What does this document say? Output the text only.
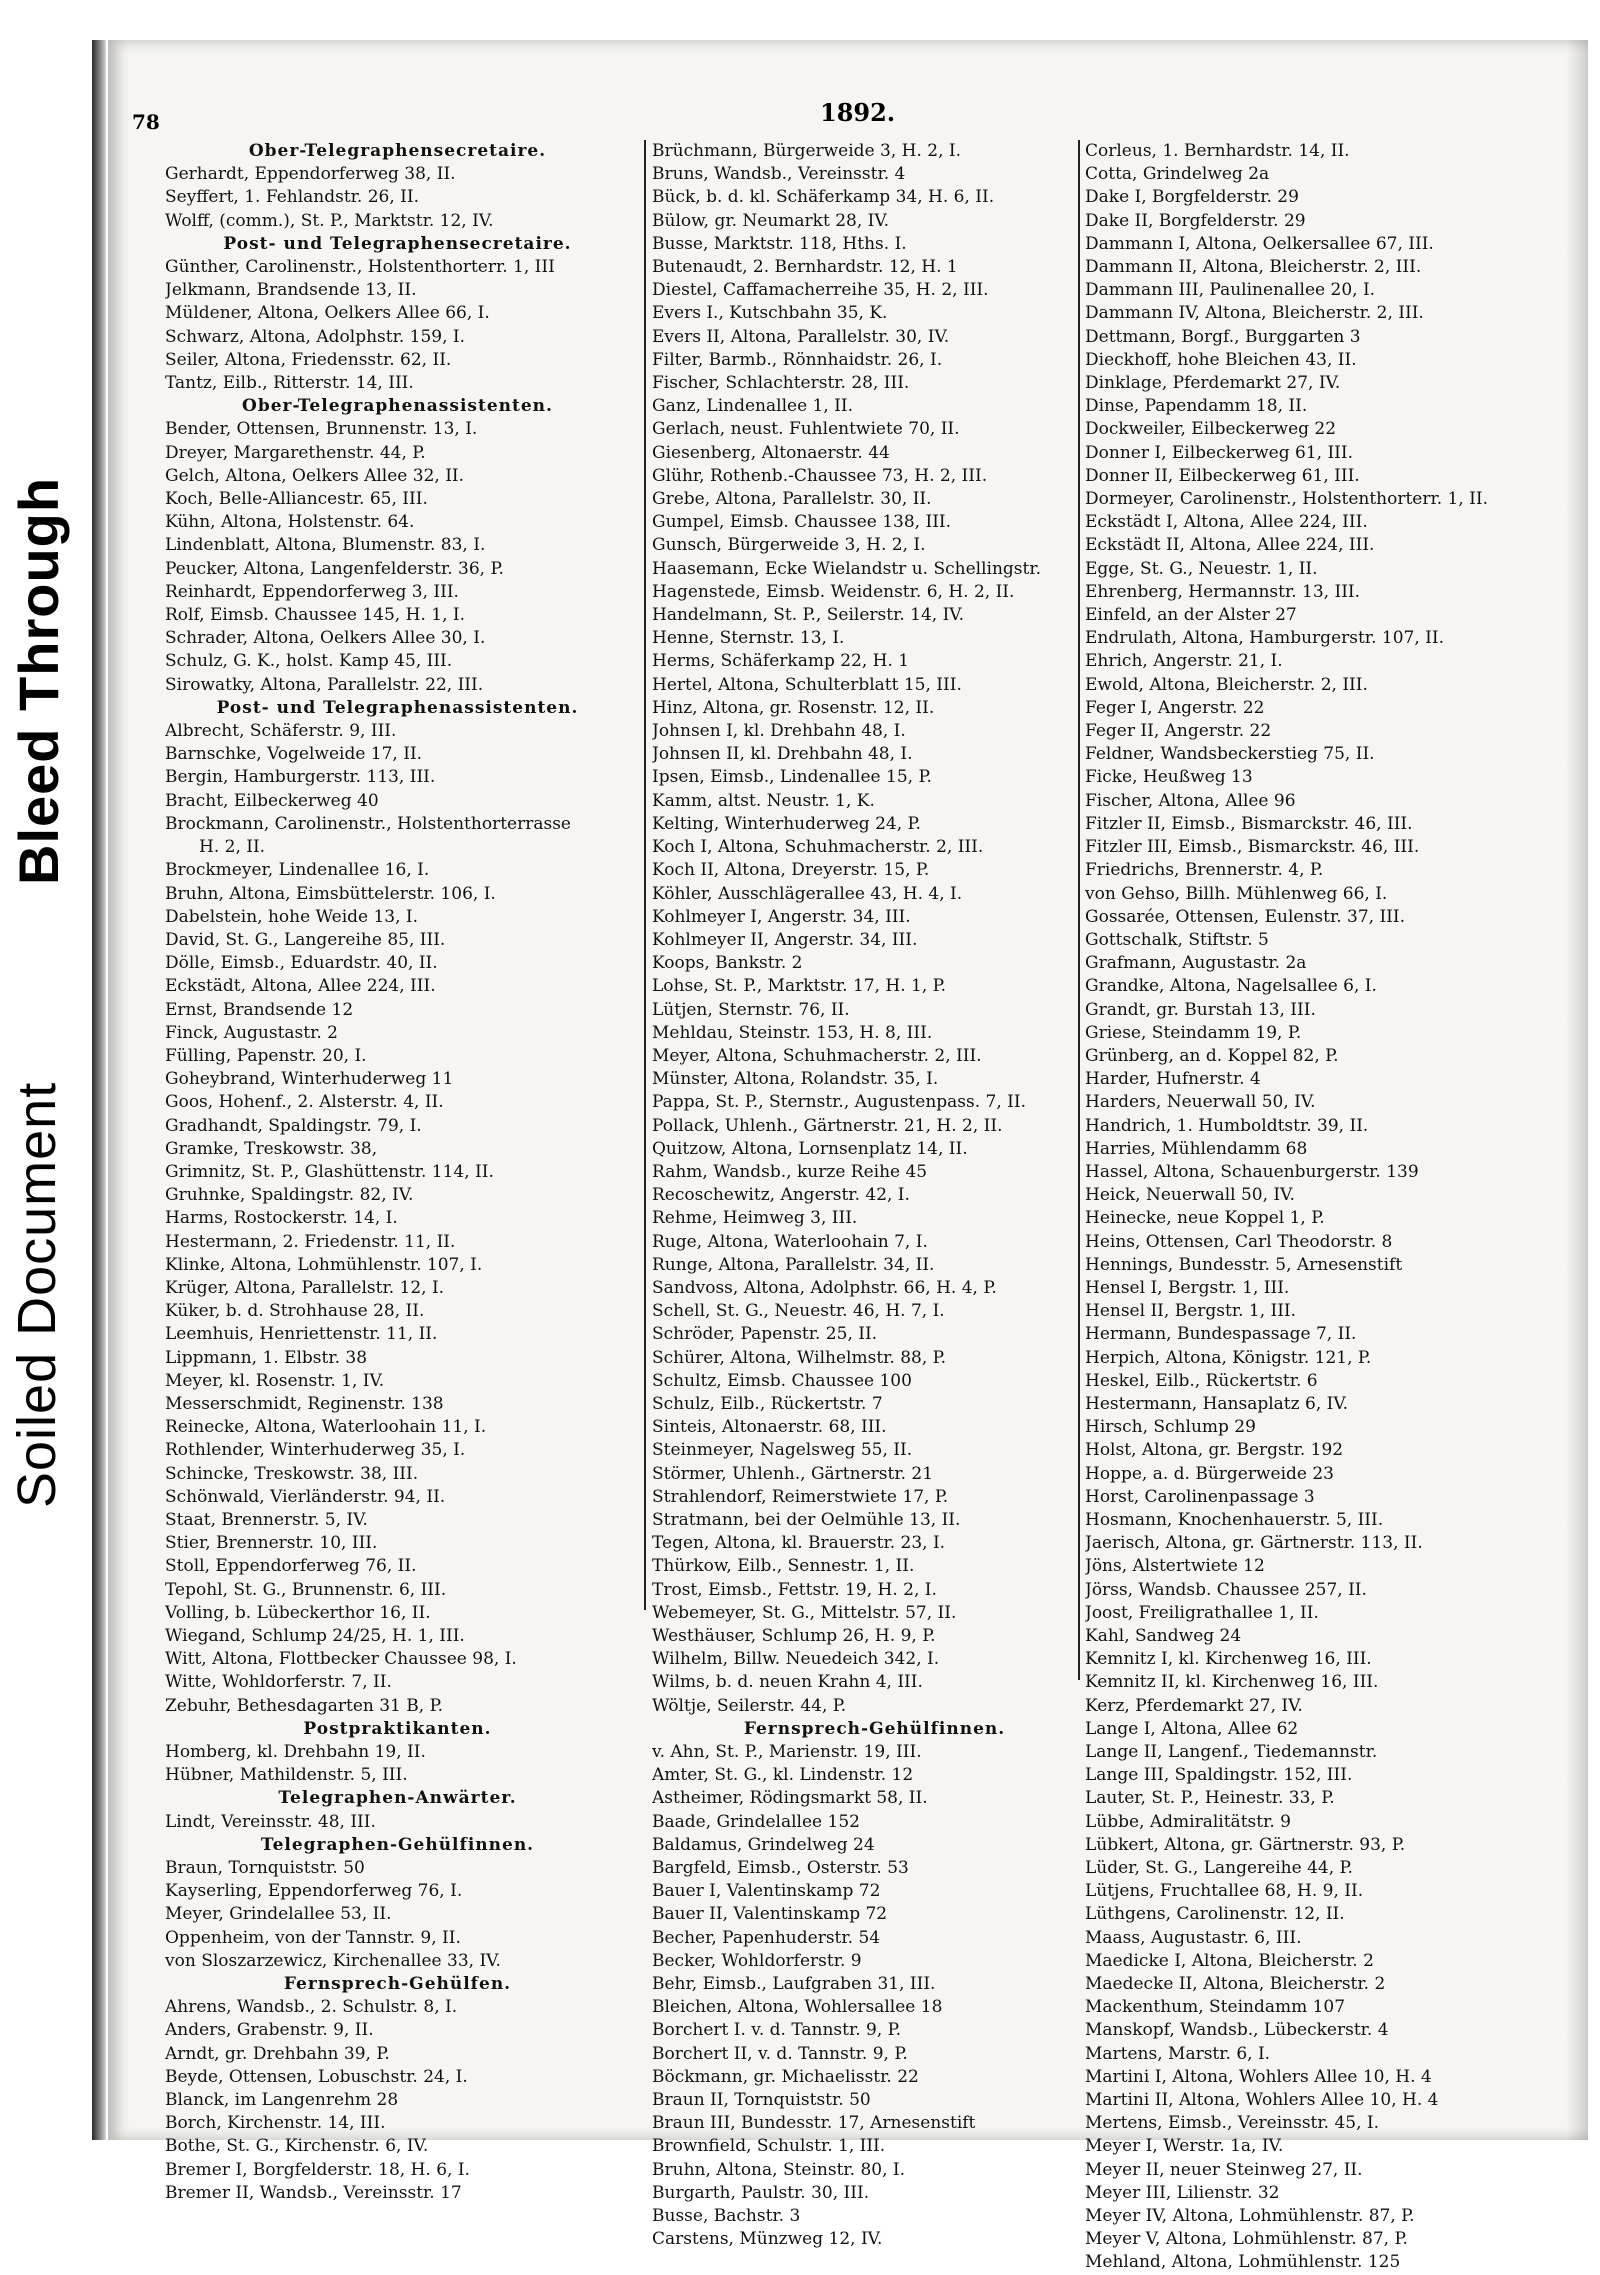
Soiled Document
Bleed Through
78	1892.
Ober-Telegraphensecretaire.
Gerhardt, Eppendorferweg 38, II.
Seyffert, 1. Fehlandstr. 26, II.
Wolff, (comm.), St. P., Marktstr. 12, IV.
Post- und Telegraphensecretaire.
Günther, Carolinenstr., Holstenthorterr. 1, III
Jelkmann, Brandsende 13, II.
Müldener, Altona, Oelkers Allee 66, I.
Schwarz, Altona, Adolphstr. 159, I.
Seiler, Altona, Friedensstr. 62, II.
Tantz, Eilb., Ritterstr. 14, III.
Ober-Telegraphenassistenten.
Bender, Ottensen, Brunnenstr. 13, I.
Dreyer, Margarethenstr. 44, P.
Gelch, Altona, Oelkers Allee 32, II.
Koch, Belle-Alliancestr. 65, III.
Kühn, Altona, Holstenstr. 64.
Lindenblatt, Altona, Blumenstr. 83, I.
Peucker, Altona, Langenfelderstr. 36, P.
Reinhardt, Eppendorferweg 3, III.
Rolf, Eimsb. Chaussee 145, H. 1, I.
Schrader, Altona, Oelkers Allee 30, I.
Schulz, G. K., holst. Kamp 45, III.
Sirowatky, Altona, Parallelstr. 22, III.
Post- und Telegraphenassistenten.
Albrecht, Schäferstr. 9, III.
Barnschke, Vogelweide 17, II.
Bergin, Hamburgerstr. 113, III.
Bracht, Eilbeckerweg 40
Brockmann, Carolinenstr., Holstenthorterrasse
H. 2, II.
Brockmeyer, Lindenallee 16, I.
Bruhn, Altona, Eimsbüttelerstr. 106, I.
Dabelstein, hohe Weide 13, I.
David, St. G., Langereihe 85, III.
Dölle, Eimsb., Eduardstr. 40, II.
Eckstädt, Altona, Allee 224, III.
Ernst, Brandsende 12
Finck, Augustastr. 2
Fülling, Papenstr. 20, I.
Goheybrand, Winterhuderweg 11
Goos, Hohenf., 2. Alsterstr. 4, II.
Gradhandt, Spaldingstr. 79, I.
Gramke, Treskowstr. 38,
Grimnitz, St. P., Glashüttenstr. 114, II.
Gruhnke, Spaldingstr. 82, IV.
Harms, Rostockerstr. 14, I.
Hestermann, 2. Friedenstr. 11, II.
Klinke, Altona, Lohmühlenstr. 107, I.
Krüger, Altona, Parallelstr. 12, I.
Küker, b. d. Strohhause 28, II.
Leemhuis, Henriettenstr. 11, II.
Lippmann, 1. Elbstr. 38
Meyer, kl. Rosenstr. 1, IV.
Messerschmidt, Reginenstr. 138
Reinecke, Altona, Waterloohain 11, I.
Rothlender, Winterhuderweg 35, I.
Schincke, Treskowstr. 38, III.
Schönwald, Vierländerstr. 94, II.
Staat, Brennerstr. 5, IV.
Stier, Brennerstr. 10, III.
Stoll, Eppendorferweg 76, II.
Tepohl, St. G., Brunnenstr. 6, III.
Volling, b. Lübeckerthor 16, II.
Wiegand, Schlump 24/25, H. 1, III.
Witt, Altona, Flottbecker Chaussee 98, I.
Witte, Wohldorferstr. 7, II.
Zebuhr, Bethesdagarten 31 B, P.
Postpraktikanten.
Homberg, kl. Drehbahn 19, II.
Hübner, Mathildenstr. 5, III.
Telegraphen-Anwärter.
Lindt, Vereinsstr. 48, III.
Telegraphen-Gehülfinnen.
Braun, Tornquiststr. 50
Kayserling, Eppendorferweg 76, I.
Meyer, Grindelallee 53, II.
Oppenheim, von der Tannstr. 9, II.
von Sloszarzewicz, Kirchenallee 33, IV.
Fernsprech-Gehülfen.
Ahrens, Wandsb., 2. Schulstr. 8, I.
Anders, Grabenstr. 9, II.
Arndt, gr. Drehbahn 39, P.
Beyde, Ottensen, Lobuschstr. 24, I.
Blanck, im Langenrehm 28
Borch, Kirchenstr. 14, III.
Bothe, St. G., Kirchenstr. 6, IV.
Bremer I, Borgfelderstr. 18, H. 6, I.
Bremer II, Wandsb., Vereinsstr. 17
Brüchmann, Bürgerweide 3, H. 2, I.
Bruns, Wandsb., Vereinsstr. 4
Bück, b. d. kl. Schäferkamp 34, H. 6, II.
Bülow, gr. Neumarkt 28, IV.
Busse, Marktstr. 118, Hths. I.
Butenaudt, 2. Bernhardstr. 12, H. 1
Diestel, Caffamacherreihe 35, H. 2, III.
Evers I., Kutschbahn 35, K.
Evers II, Altona, Parallelstr. 30, IV.
Filter, Barmb., Rönnhaidstr. 26, I.
Fischer, Schlachterstr. 28, III.
Ganz, Lindenallee 1, II.
Gerlach, neust. Fuhlentwiete 70, II.
Giesenberg, Altonaerstr. 44
Glühr, Rothenb.-Chaussee 73, H. 2, III.
Grebe, Altona, Parallelstr. 30, II.
Gumpel, Eimsb. Chaussee 138, III.
Gunsch, Bürgerweide 3, H. 2, I.
Haasemann, Ecke Wielandstr u. Schellingstr.
Hagenstede, Eimsb. Weidenstr. 6, H. 2, II.
Handelmann, St. P., Seilerstr. 14, IV.
Henne, Sternstr. 13, I.
Herms, Schäferkamp 22, H. 1
Hertel, Altona, Schulterblatt 15, III.
Hinz, Altona, gr. Rosenstr. 12, II.
Johnsen I, kl. Drehbahn 48, I.
Johnsen II, kl. Drehbahn 48, I.
Ipsen, Eimsb., Lindenallee 15, P.
Kamm, altst. Neustr. 1, K.
Kelting, Winterhuderweg 24, P.
Koch I, Altona, Schuhmacherstr. 2, III.
Koch II, Altona, Dreyerstr. 15, P.
Köhler, Ausschlägerallee 43, H. 4, I.
Kohlmeyer I, Angerstr. 34, III.
Kohlmeyer II, Angerstr. 34, III.
Koops, Bankstr. 2
Lohse, St. P., Marktstr. 17, H. 1, P.
Lütjen, Sternstr. 76, II.
Mehldau, Steinstr. 153, H. 8, III.
Meyer, Altona, Schuhmacherstr. 2, III.
Münster, Altona, Rolandstr. 35, I.
Pappa, St. P., Sternstr., Augustenpass. 7, II.
Pollack, Uhlenh., Gärtnerstr. 21, H. 2, II.
Quitzow, Altona, Lornsenplatz 14, II.
Rahm, Wandsb., kurze Reihe 45
Recoschewitz, Angerstr. 42, I.
Rehme, Heimweg 3, III.
Ruge, Altona, Waterloohain 7, I.
Runge, Altona, Parallelstr. 34, II.
Sandvoss, Altona, Adolphstr. 66, H. 4, P.
Schell, St. G., Neuestr. 46, H. 7, I.
Schröder, Papenstr. 25, II.
Schürer, Altona, Wilhelmstr. 88, P.
Schultz, Eimsb. Chaussee 100
Schulz, Eilb., Rückertstr. 7
Sinteis, Altonaerstr. 68, III.
Steinmeyer, Nagelsweg 55, II.
Störmer, Uhlenh., Gärtnerstr. 21
Strahlendorf, Reimerstwiete 17, P.
Stratmann, bei der Oelmühle 13, II.
Tegen, Altona, kl. Brauerstr. 23, I.
Thürkow, Eilb., Sennestr. 1, II.
Trost, Eimsb., Fettstr. 19, H. 2, I.
Webemeyer, St. G., Mittelstr. 57, II.
Westhäuser, Schlump 26, H. 9, P.
Wilhelm, Billw. Neuedeich 342, I.
Wilms, b. d. neuen Krahn 4, III.
Wöltje, Seilerstr. 44, P.
Fernsprech-Gehülfinnen.
v. Ahn, St. P., Marienstr. 19, III.
Amter, St. G., kl. Lindenstr. 12
Astheimer, Rödingsmarkt 58, II.
Baade, Grindelallee 152
Baldamus, Grindelweg 24
Bargfeld, Eimsb., Osterstr. 53
Bauer I, Valentinskamp 72
Bauer II, Valentinskamp 72
Becher, Papenhuderstr. 54
Becker, Wohldorferstr. 9
Behr, Eimsb., Laufgraben 31, III.
Bleichen, Altona, Wohlersallee 18
Borchert I. v. d. Tannstr. 9, P.
Borchert II, v. d. Tannstr. 9, P.
Böckmann, gr. Michaelisstr. 22
Braun II, Tornquiststr. 50
Braun III, Bundesstr. 17, Arnesenstift
Brownfield, Schulstr. 1, III.
Bruhn, Altona, Steinstr. 80, I.
Burgarth, Paulstr. 30, III.
Busse, Bachstr. 3
Carstens, Münzweg 12, IV.
Corleus, 1. Bernhardstr. 14, II.
Cotta, Grindelweg 2a
Dake I, Borgfelderstr. 29
Dake II, Borgfelderstr. 29
Dammann I, Altona, Oelkersallee 67, III.
Dammann II, Altona, Bleicherstr. 2, III.
Dammann III, Paulinenallee 20, I.
Dammann IV, Altona, Bleicherstr. 2, III.
Dettmann, Borgf., Burggarten 3
Dieckhoff, hohe Bleichen 43, II.
Dinklage, Pferdemarkt 27, IV.
Dinse, Papendamm 18, II.
Dockweiler, Eilbeckerweg 22
Donner I, Eilbeckerweg 61, III.
Donner II, Eilbeckerweg 61, III.
Dormeyer, Carolinenstr., Holstenthorterr. 1, II.
Eckstädt I, Altona, Allee 224, III.
Eckstädt II, Altona, Allee 224, III.
Egge, St. G., Neuestr. 1, II.
Ehrenberg, Hermannstr. 13, III.
Einfeld, an der Alster 27
Endrulath, Altona, Hamburgerstr. 107, II.
Ehrich, Angerstr. 21, I.
Ewold, Altona, Bleicherstr. 2, III.
Feger I, Angerstr. 22
Feger II, Angerstr. 22
Feldner, Wandsbeckerstieg 75, II.
Ficke, Heußweg 13
Fischer, Altona, Allee 96
Fitzler II, Eimsb., Bismarckstr. 46, III.
Fitzler III, Eimsb., Bismarckstr. 46, III.
Friedrichs, Brennerstr. 4, P.
von Gehso, Billh. Mühlenweg 66, I.
Gossarée, Ottensen, Eulenstr. 37, III.
Gottschalk, Stiftstr. 5
Grafmann, Augustastr. 2a
Grandke, Altona, Nagelsallee 6, I.
Grandt, gr. Burstah 13, III.
Griese, Steindamm 19, P.
Grünberg, an d. Koppel 82, P.
Harder, Hufnerstr. 4
Harders, Neuerwall 50, IV.
Handrich, 1. Humboldtstr. 39, II.
Harries, Mühlendamm 68
Hassel, Altona, Schauenburgerstr. 139
Heick, Neuerwall 50, IV.
Heinecke, neue Koppel 1, P.
Heins, Ottensen, Carl Theodorstr. 8
Hennings, Bundesstr. 5, Arnesenstift
Hensel I, Bergstr. 1, III.
Hensel II, Bergstr. 1, III.
Hermann, Bundespassage 7, II.
Herpich, Altona, Königstr. 121, P.
Heskel, Eilb., Rückertstr. 6
Hestermann, Hansaplatz 6, IV.
Hirsch, Schlump 29
Holst, Altona, gr. Bergstr. 192
Hoppe, a. d. Bürgerweide 23
Horst, Carolinenpassage 3
Hosmann, Knochenhauerstr. 5, III.
Jaerisch, Altona, gr. Gärtnerstr. 113, II.
Jöns, Alstertwiete 12
Jörss, Wandsb. Chaussee 257, II.
Joost, Freiligrathallee 1, II.
Kahl, Sandweg 24
Kemnitz I, kl. Kirchenweg 16, III.
Kemnitz II, kl. Kirchenweg 16, III.
Kerz, Pferdemarkt 27, IV.
Lange I, Altona, Allee 62
Lange II, Langenf., Tiedemannstr.
Lange III, Spaldingstr. 152, III.
Lauter, St. P., Heinestr. 33, P.
Lübbe, Admiralitätstr. 9
Lübkert, Altona, gr. Gärtnerstr. 93, P.
Lüder, St. G., Langereihe 44, P.
Lütjens, Fruchtallee 68, H. 9, II.
Lüthgens, Carolinenstr. 12, II.
Maass, Augustastr. 6, III.
Maedicke I, Altona, Bleicherstr. 2
Maedecke II, Altona, Bleicherstr. 2
Mackenthum, Steindamm 107
Manskopf, Wandsb., Lübeckerstr. 4
Martens, Marstr. 6, I.
Martini I, Altona, Wohlers Allee 10, H. 4
Martini II, Altona, Wohlers Allee 10, H. 4
Mertens, Eimsb., Vereinsstr. 45, I.
Meyer I, Werstr. 1a, IV.
Meyer II, neuer Steinweg 27, II.
Meyer III, Lilienstr. 32
Meyer IV, Altona, Lohmühlenstr. 87, P.
Meyer V, Altona, Lohmühlenstr. 87, P.
Mehland, Altona, Lohmühlenstr. 125
